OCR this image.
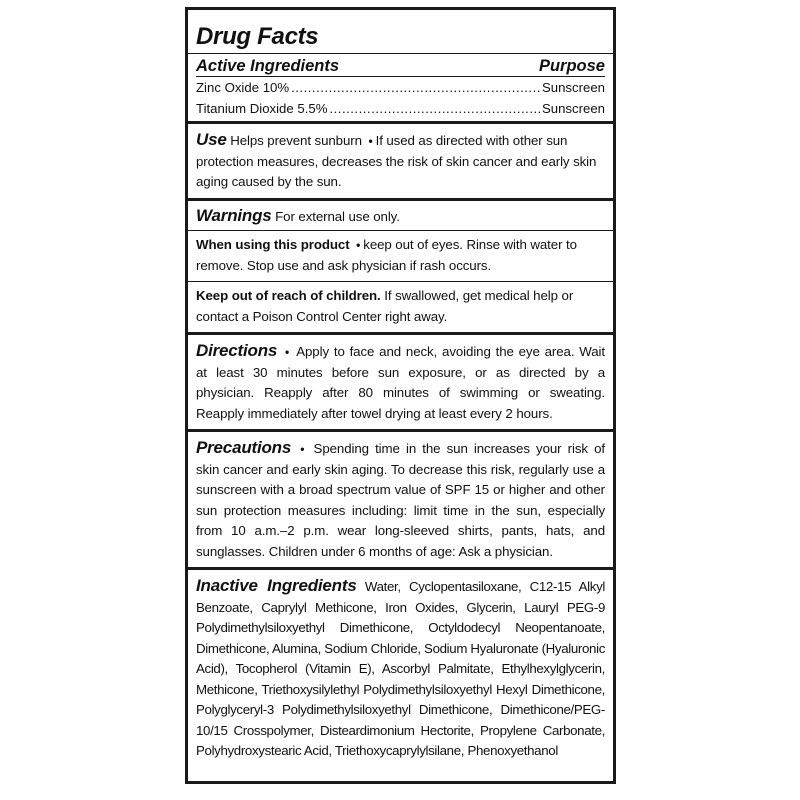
Drug Facts
Active Ingredients	Purpose
Zinc Oxide 10% .....	Sunscreen
Titanium Dioxide 5.5% .....	Sunscreen
Use Helps prevent sunburn • If used as directed with other sun protection measures, decreases the risk of skin cancer and early skin aging caused by the sun.
Warnings For external use only.
When using this product • keep out of eyes. Rinse with water to remove. Stop use and ask physician if rash occurs.
Keep out of reach of children. If swallowed, get medical help or contact a Poison Control Center right away.
Directions • Apply to face and neck, avoiding the eye area. Wait at least 30 minutes before sun exposure, or as directed by a physician. Reapply after 80 minutes of swimming or sweating. Reapply immediately after towel drying at least every 2 hours.
Precautions • Spending time in the sun increases your risk of skin cancer and early skin aging. To decrease this risk, regularly use a sunscreen with a broad spectrum value of SPF 15 or higher and other sun protection measures including: limit time in the sun, especially from 10 a.m.–2 p.m. wear long-sleeved shirts, pants, hats, and sunglasses. Children under 6 months of age: Ask a physician.
Inactive Ingredients Water, Cyclopentasiloxane, C12-15 Alkyl Benzoate, Caprylyl Methicone, Iron Oxides, Glycerin, Lauryl PEG-9 Polydimethylsiloxyethyl Dimethicone, Octyldodecyl Neopentanoate, Dimethicone, Alumina, Sodium Chloride, Sodium Hyaluronate (Hyaluronic Acid), Tocopherol (Vitamin E), Ascorbyl Palmitate, Ethylhexylglycerin, Methicone, Triethoxysilylethyl Polydimethylsiloxyethyl Hexyl Dimethicone, Polyglyceryl-3 Polydimethylsiloxyethyl Dimethicone, Dimethicone/PEG-10/15 Crosspolymer, Disteardimonium Hectorite, Propylene Carbonate, Polyhydroxystearic Acid, Triethoxycaprylylsilane, Phenoxyethanol
